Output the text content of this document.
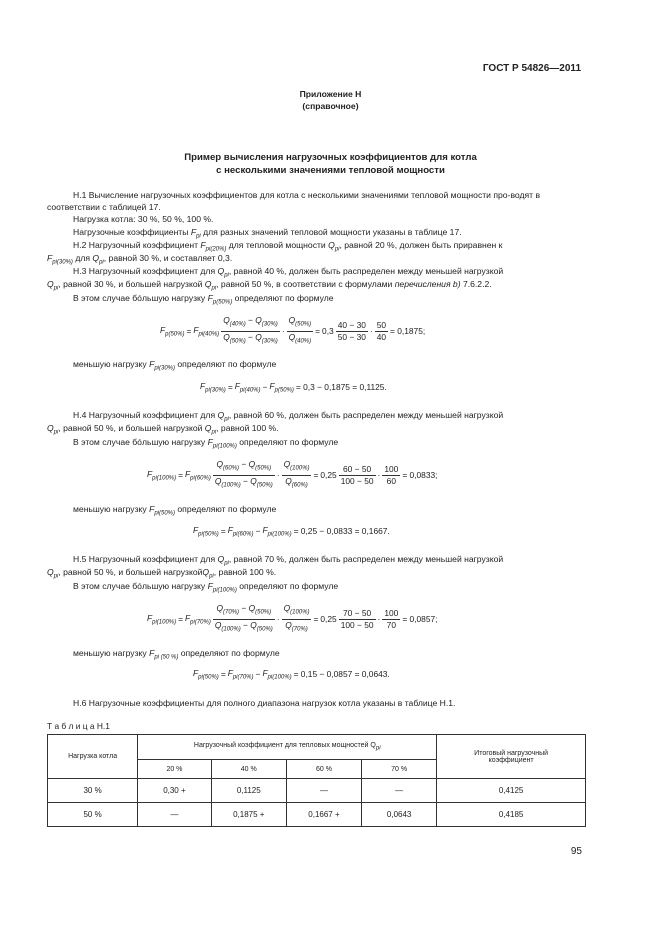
ГОСТ Р 54826—2011
Приложение Н
(справочное)
Пример вычисления нагрузочных коэффициентов для котла
с несколькими значениями тепловой мощности
Н.1 Вычисление нагрузочных коэффициентов для котла с несколькими значениями тепловой мощности про-водят в соответствии с таблицей 17.
Нагрузка котла: 30 %, 50 %, 100 %.
Нагрузочные коэффициенты $F_{pi}$ для разных значений тепловой мощности указаны в таблице 17.
Н.2 Нагрузочный коэффициент $F_{pi(20\%)}$ для тепловой мощности $Q_{pi}$, равной 20 %, должен быть приравнен к
$F_{pi(30\%)}$ для $Q_{pi}$, равной 30 %, и составляет 0,3.
Н.3 Нагрузочный коэффициент для $Q_{pi}$, равной 40 %, должен быть распределен между меньшей нагрузкой
$Q_{pi}$, равной 30 %, и большей нагрузкой $Q_{pi}$, равной 50 %, в соответствии с формулами перечисления b) 7.6.2.2.
В этом случае бóльшую нагрузку $F_{p(50\%)}$ определяют по формуле
$F_{p(50\%)} = F_{pi(40\%)} \frac{Q_{(40\%)} - Q_{(30\%)}}{Q_{(50\%)} - Q_{(30\%)}} \cdot \frac{Q_{(50\%)}}{Q_{(40\%)}} = 0,3 \frac{40 - 30}{50 - 30} \cdot \frac{50}{40} = 0,1875$;
меньшую нагрузку $F_{pi(30\%)}$ определяют по формуле
$F_{pi(30\%)} = F_{pi(40\%)} - F_{p(50\%)} = 0,3 - 0,1875 = 0,1125$.
Н.4 Нагрузочный коэффициент для $Q_{pi}$, равной 60 %, должен быть распределен между меньшей нагрузкой
$Q_{pi}$, равной 50 %, и большей нагрузкой $Q_{pi}$, равной 100 %.
В этом случае бóльшую нагрузку $F_{pi(100\%)}$ определяют по формуле
$F_{pi(100\%)} = F_{pi(60\%)} \frac{Q_{(60\%)} - Q_{(50\%)}}{Q_{(100\%)} - Q_{(50\%)}} \cdot \frac{Q_{(100\%)}}{Q_{(60\%)}} = 0,25 \frac{60 - 50}{100 - 50} \cdot \frac{100}{60} = 0,0833$;
меньшую нагрузку $F_{pi(50\%)}$ определяют по формуле
$F_{pi(50\%)} = F_{pi(60\%)} - F_{pi(100\%)} = 0,25 - 0,0833 = 0,1667$.
Н.5 Нагрузочный коэффициент для $Q_{pi}$, равной 70 %, должен быть распределен между меньшей нагрузкой
$Q_{pi}$, равной 50 %, и большей нагрузкойQ$_{pi}$, равной 100 %.
В этом случае бóльшую нагрузку $F_{pi(100\%)}$ определяют по формуле
$F_{pi(100\%)} = F_{pi(70\%)} \frac{Q_{(70\%)} - Q_{(50\%)}}{Q_{(100\%)} - Q_{(50\%)}} \cdot \frac{Q_{(100\%)}}{Q_{(70\%)}} = 0,25 \frac{70 - 50}{100 - 50} \cdot \frac{100}{70} = 0,0857$;
меньшую нагрузку $F_{pi (50 \%)}$ определяют по формуле
$F_{pi(50\%)} = F_{pi(70\%)} - F_{pi(100\%)} = 0,15 - 0,0857 = 0,0643$.
Н.6 Нагрузочные коэффициенты для полного диапазона нагрузок котла указаны в таблице Н.1.
Т а б л и ц а Н.1
Нагрузка котла	Нагрузочный коэффициент для тепловых мощностей $Q_{pi}$				Итоговый нагрузочный коэффициент
	20 %	40 %	60 %	70 %	
30 %	0,30 +	0,1125	—	—	0,4125
50 %	—	0,1875 +	0,1667 +	0,0643	0,4185
95
